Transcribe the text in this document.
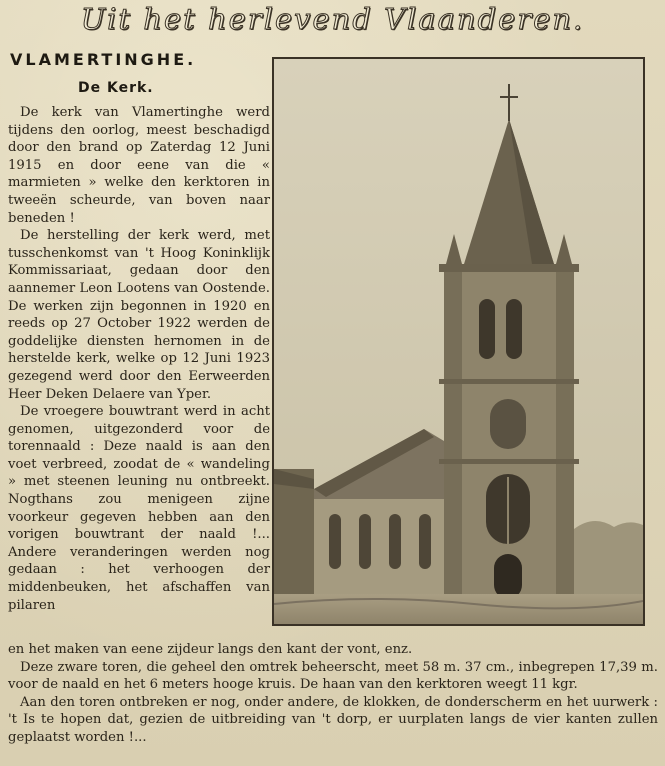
Uit het herlevend Vlaanderen.
VLAMERTINGHE.
De Kerk.

De kerk van Vlamertinghe werd tijdens den oorlog, meest beschadigd door den brand op Zaterdag 12 Juni 1915 en door eene van die « marmieten » welke den kerktoren in tweeën scheurde, van boven naar beneden !

De herstelling der kerk werd, met tusschenkomst van 't Hoog Koninklijk Kommissariaat, gedaan door den aannemer Leon Lootens van Oostende. De werken zijn begonnen in 1920 en reeds op 27 October 1922 werden de goddelijke diensten hernomen in de herstelde kerk, welke op 12 Juni 1923 gezegend werd door den Eerweerden Heer Deken Delaere van Yper.

De vroegere bouwtrant werd in acht genomen, uitgezonderd voor de torennaald : Deze naald is aan den voet verbreed, zoodat de « wandeling » met steenen leuning nu ontbreekt. Nogthans zou menigeen zijne voorkeur gegeven hebben aan den vorigen bouwtrant der naald !... Andere veranderingen werden nog gedaan : het verhoogen der middenbeuken, het afschaffen van pilaren

en het maken van eene zijdeur langs den kant der vont, enz.

Deze zware toren, die geheel den omtrek beheerscht, meet 58 m. 37 cm., inbegrepen 17,39 m. voor de naald en het 6 meters hooge kruis. De haan van den kerktoren weegt 11 kgr.

Aan den toren ontbreken er nog, onder andere, de klokken, de donderscherm en het uurwerk : 't Is te hopen dat, gezien de uitbreiding van 't dorp, er uurplaten langs de vier kanten zullen geplaatst worden !...
